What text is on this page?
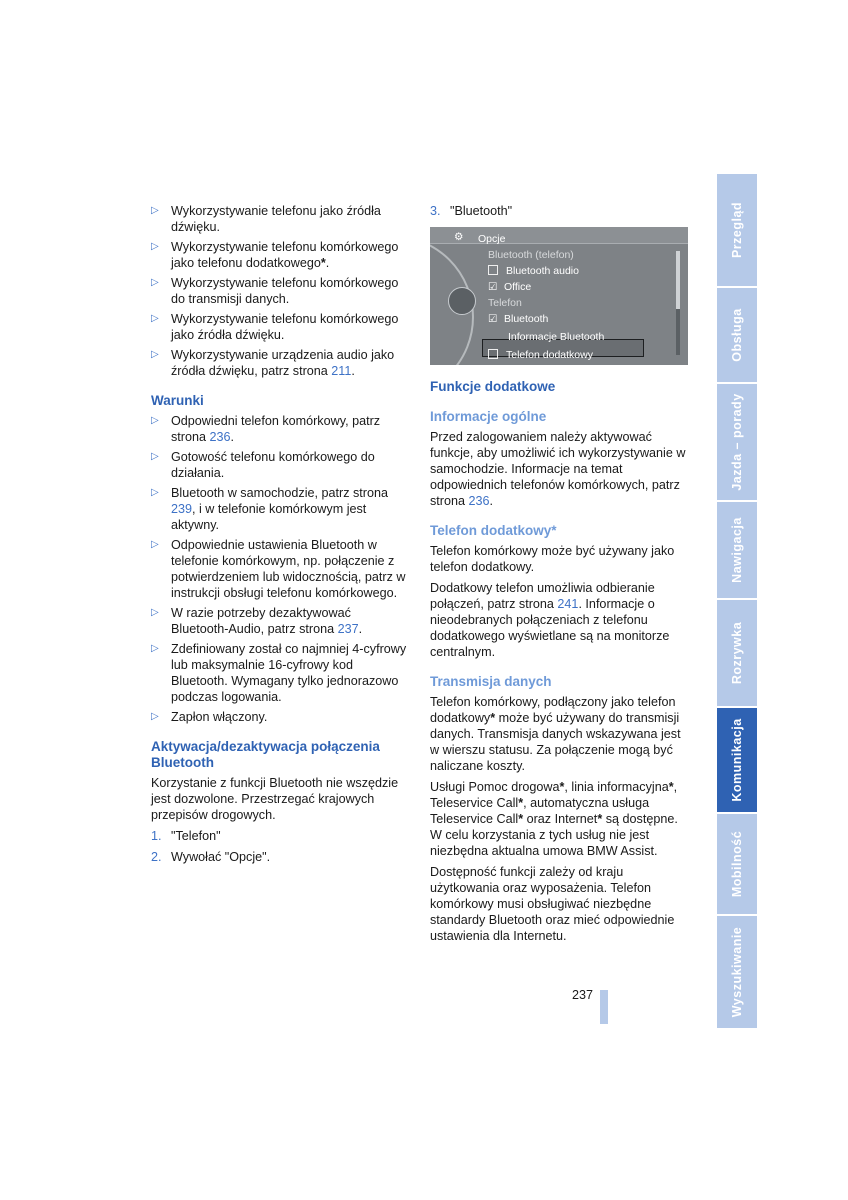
▷ Wykorzystywanie telefonu jako źródła dźwięku.
▷ Wykorzystywanie telefonu komórkowego jako telefonu dodatkowego*.
▷ Wykorzystywanie telefonu komórkowego do transmisji danych.
▷ Wykorzystywanie telefonu komórkowego jako źródła dźwięku.
▷ Wykorzystywanie urządzenia audio jako źródła dźwięku, patrz strona 211.
Warunki
▷ Odpowiedni telefon komórkowy, patrz strona 236.
▷ Gotowość telefonu komórkowego do działania.
▷ Bluetooth w samochodzie, patrz strona 239, i w telefonie komórkowym jest aktywny.
▷ Odpowiednie ustawienia Bluetooth w telefonie komórkowym, np. połączenie z potwierdzeniem lub widocznością, patrz w instrukcji obsługi telefonu komórkowego.
▷ W razie potrzeby dezaktywować Bluetooth-Audio, patrz strona 237.
▷ Zdefiniowany został co najmniej 4-cyfrowy lub maksymalnie 16-cyfrowy kod Bluetooth. Wymagany tylko jednorazowo podczas logowania.
▷ Zapłon włączony.
Aktywacja/dezaktywacja połączenia Bluetooth

Korzystanie z funkcji Bluetooth nie wszędzie jest dozwolone. Przestrzegać krajowych przepisów drogowych.

1. "Telefon"
2. Wywołać "Opcje".
3. "Bluetooth"
⚙ Opcje
Bluetooth (telefon)
Bluetooth audio
☑ Office
Telefon
☑ Bluetooth
Informacje Bluetooth
Telefon dodatkowy
Funkcje dodatkowe
Informacje ogólne

Przed zalogowaniem należy aktywować funkcje, aby umożliwić ich wykorzystywanie w samochodzie. Informacje na temat odpowiednich telefonów komórkowych, patrz strona 236.

Telefon dodatkowy*

Telefon komórkowy może być używany jako telefon dodatkowy.

Dodatkowy telefon umożliwia odbieranie połączeń, patrz strona 241. Informacje o nieodebranych połączeniach z telefonu dodatkowego wyświetlane są na monitorze centralnym.

Transmisja danych

Telefon komórkowy, podłączony jako telefon dodatkowy* może być używany do transmisji danych. Transmisja danych wskazywana jest w wierszu statusu. Za połączenie mogą być naliczane koszty.

Usługi Pomoc drogowa*, linia informacyjna*, Teleservice Call*, automatyczna usługa Teleservice Call* oraz Internet* są dostępne. W celu korzystania z tych usług nie jest niezbędna aktualna umowa BMW Assist.

Dostępność funkcji zależy od kraju użytkowania oraz wyposażenia. Telefon komórkowy musi obsługiwać niezbędne standardy Bluetooth oraz mieć odpowiednie ustawienia dla Internetu.

Przegląd
Obsługa
Jazda – porady
Nawigacja
Rozrywka
Komunikacja
Mobilność
Wyszukiwanie
237
